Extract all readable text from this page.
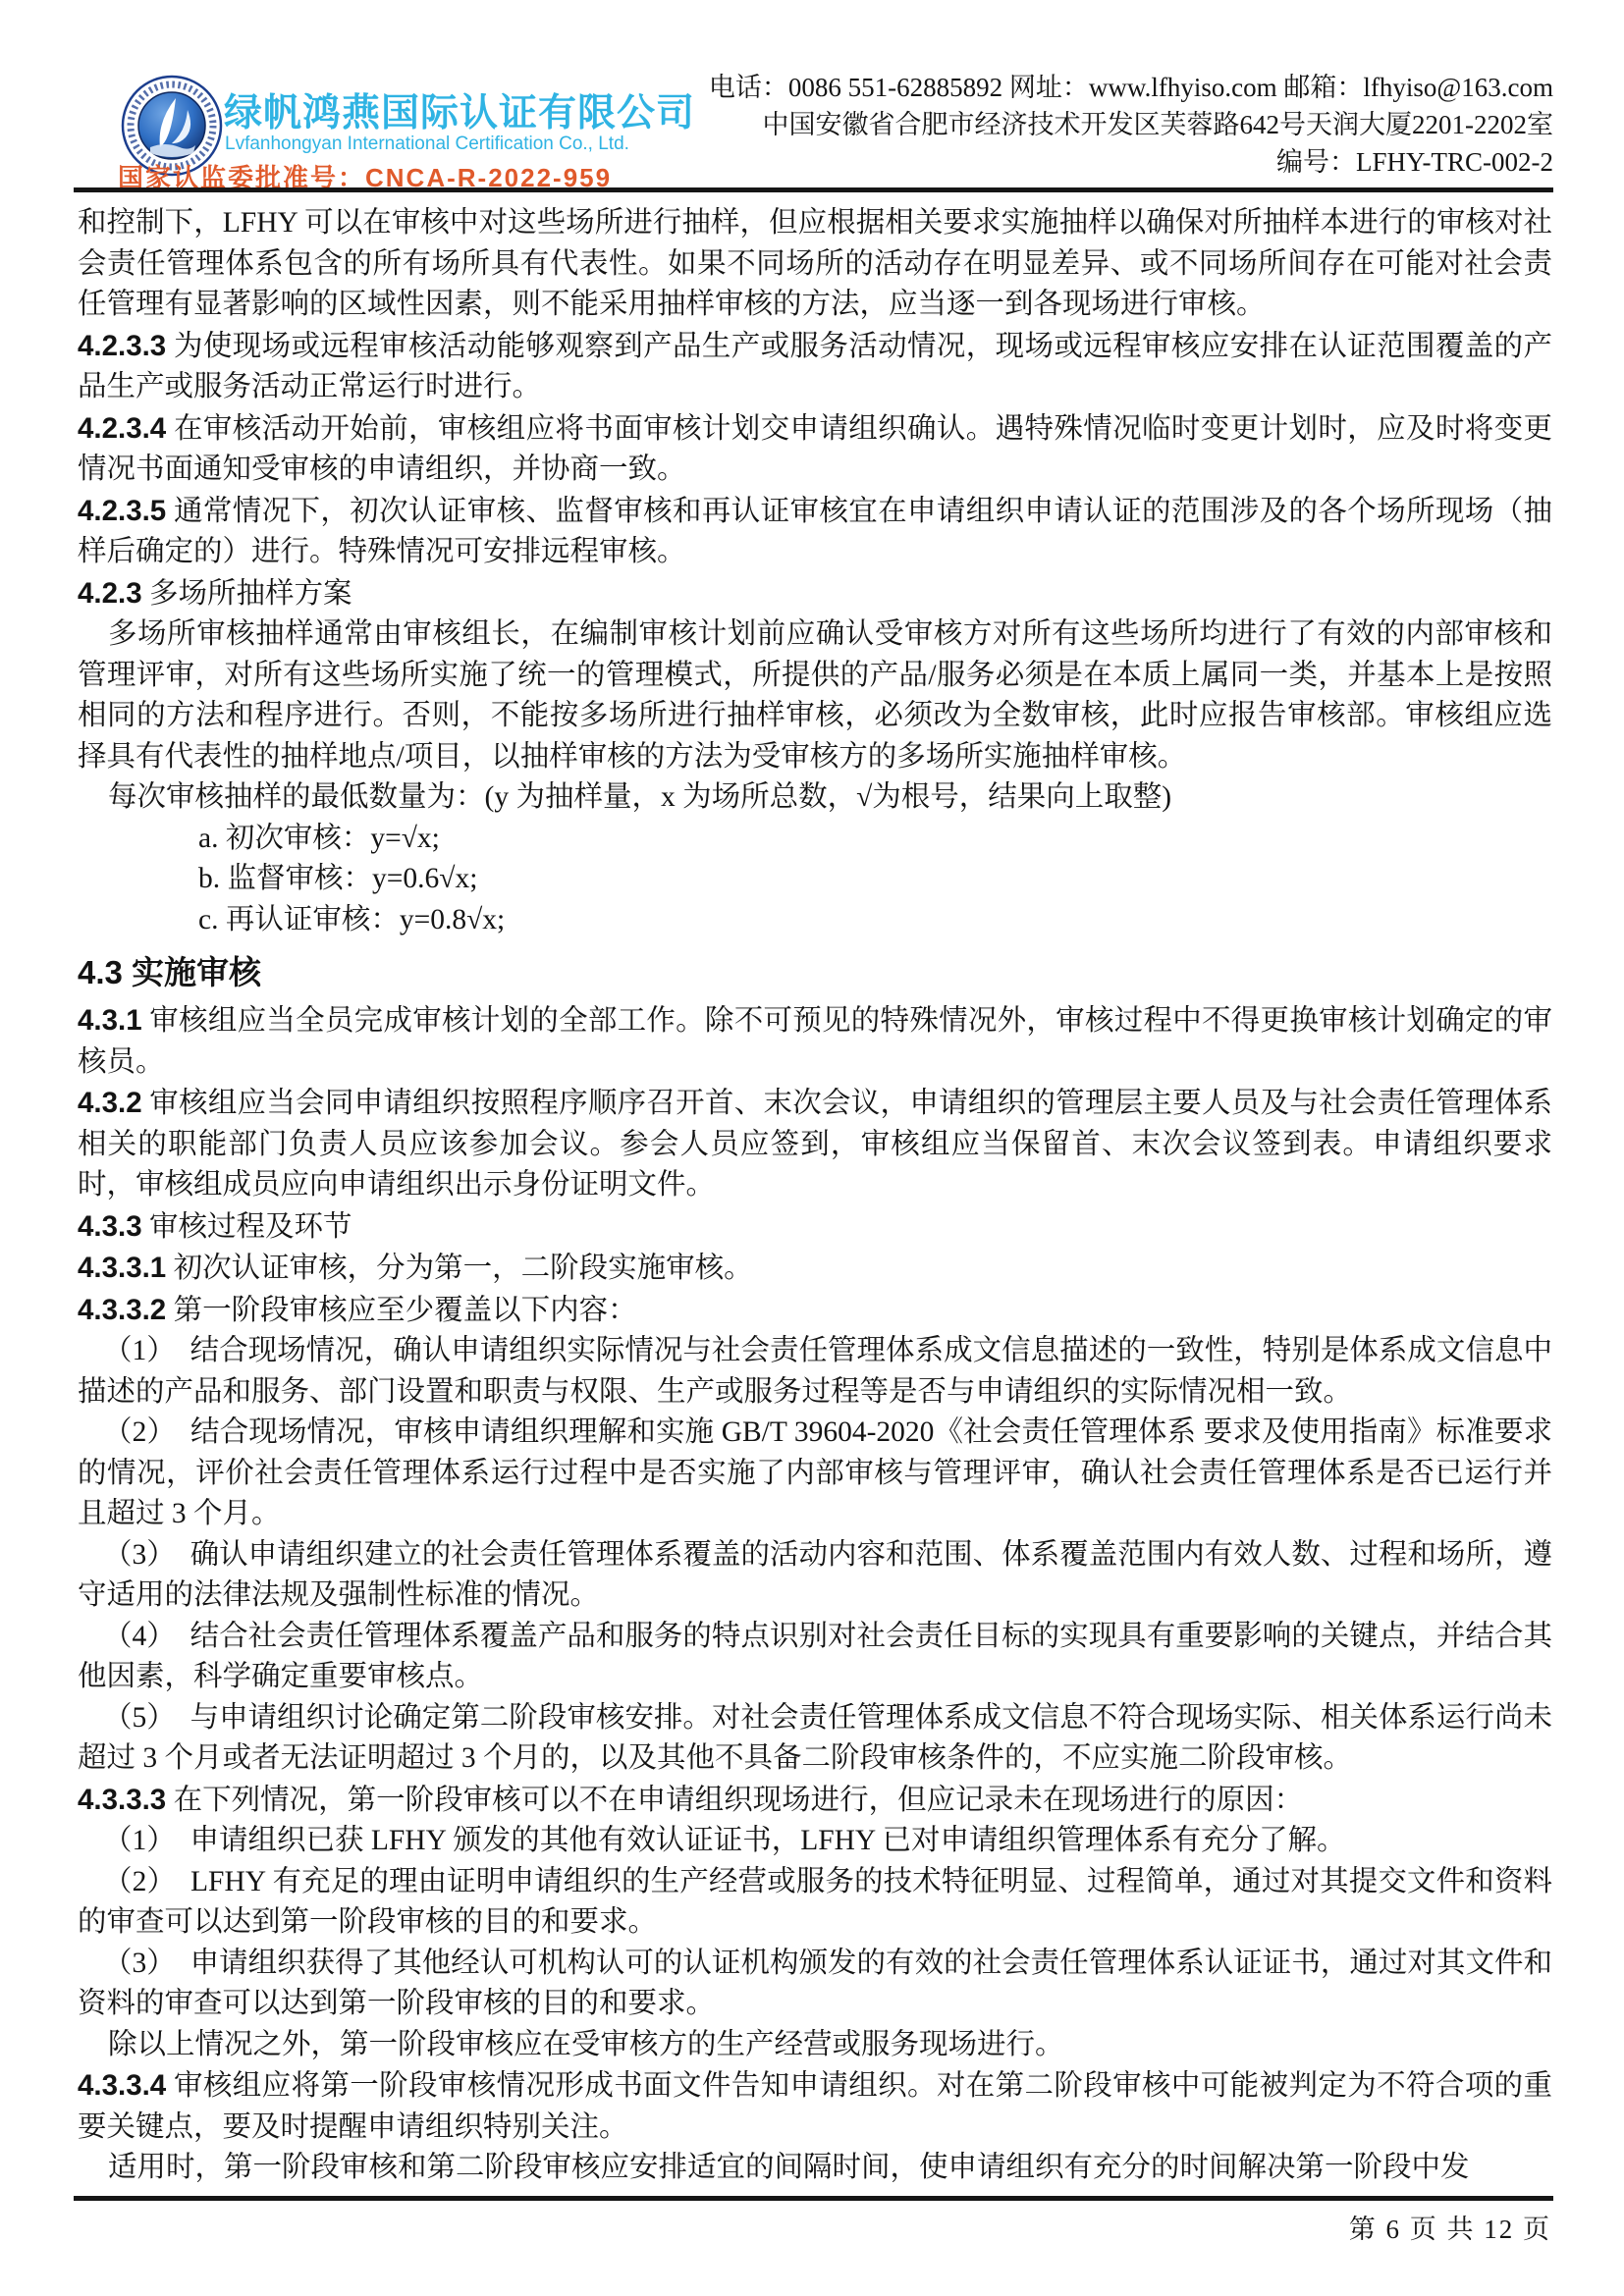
绿帆鸿燕国际认证有限公司
Lvfanhongyan International Certification Co., Ltd.
国家认监委批准号：CNCA-R-2022-959
电话：0086 551-62885892 网址：www.lfhyiso.com 邮箱：lfhyiso@163.com
中国安徽省合肥市经济技术开发区芙蓉路642号天润大厦2201-2202室
编号：LFHY-TRC-002-2
和控制下，LFHY 可以在审核中对这些场所进行抽样，但应根据相关要求实施抽样以确保对所抽样本进行的审核对社会责任管理体系包含的所有场所具有代表性。如果不同场所的活动存在明显差异、或不同场所间存在可能对社会责任管理有显著影响的区域性因素，则不能采用抽样审核的方法，应当逐一到各现场进行审核。
4.2.3.3 为使现场或远程审核活动能够观察到产品生产或服务活动情况，现场或远程审核应安排在认证范围覆盖的产品生产或服务活动正常运行时进行。
4.2.3.4 在审核活动开始前，审核组应将书面审核计划交申请组织确认。遇特殊情况临时变更计划时，应及时将变更情况书面通知受审核的申请组织，并协商一致。
4.2.3.5 通常情况下，初次认证审核、监督审核和再认证审核宜在申请组织申请认证的范围涉及的各个场所现场（抽样后确定的）进行。特殊情况可安排远程审核。
4.2.3 多场所抽样方案
多场所审核抽样通常由审核组长，在编制审核计划前应确认受审核方对所有这些场所均进行了有效的内部审核和管理评审，对所有这些场所实施了统一的管理模式，所提供的产品/服务必须是在本质上属同一类，并基本上是按照相同的方法和程序进行。否则，不能按多场所进行抽样审核，必须改为全数审核，此时应报告审核部。审核组应选择具有代表性的抽样地点/项目，以抽样审核的方法为受审核方的多场所实施抽样审核。
每次审核抽样的最低数量为：(y 为抽样量，x 为场所总数，√为根号，结果向上取整)
a. 初次审核：y=√x;
b. 监督审核：y=0.6√x;
c. 再认证审核：y=0.8√x;
4.3 实施审核
4.3.1 审核组应当全员完成审核计划的全部工作。除不可预见的特殊情况外，审核过程中不得更换审核计划确定的审核员。
4.3.2 审核组应当会同申请组织按照程序顺序召开首、末次会议，申请组织的管理层主要人员及与社会责任管理体系相关的职能部门负责人员应该参加会议。参会人员应签到，审核组应当保留首、末次会议签到表。申请组织要求时，审核组成员应向申请组织出示身份证明文件。
4.3.3 审核过程及环节
4.3.3.1 初次认证审核，分为第一，二阶段实施审核。
4.3.3.2 第一阶段审核应至少覆盖以下内容：
（1）　结合现场情况，确认申请组织实际情况与社会责任管理体系成文信息描述的一致性，特别是体系成文信息中描述的产品和服务、部门设置和职责与权限、生产或服务过程等是否与申请组织的实际情况相一致。
（2）　结合现场情况，审核申请组织理解和实施 GB/T 39604-2020《社会责任管理体系 要求及使用指南》标准要求的情况，评价社会责任管理体系运行过程中是否实施了内部审核与管理评审，确认社会责任管理体系是否已运行并且超过 3 个月。
（3）　确认申请组织建立的社会责任管理体系覆盖的活动内容和范围、体系覆盖范围内有效人数、过程和场所，遵守适用的法律法规及强制性标准的情况。
（4）　结合社会责任管理体系覆盖产品和服务的特点识别对社会责任目标的实现具有重要影响的关键点，并结合其他因素，科学确定重要审核点。
（5）　与申请组织讨论确定第二阶段审核安排。对社会责任管理体系成文信息不符合现场实际、相关体系运行尚未超过 3 个月或者无法证明超过 3 个月的，以及其他不具备二阶段审核条件的，不应实施二阶段审核。
4.3.3.3 在下列情况，第一阶段审核可以不在申请组织现场进行，但应记录未在现场进行的原因：
（1）　申请组织已获 LFHY 颁发的其他有效认证证书，LFHY 已对申请组织管理体系有充分了解。
（2）　LFHY 有充足的理由证明申请组织的生产经营或服务的技术特征明显、过程简单，通过对其提交文件和资料的审查可以达到第一阶段审核的目的和要求。
（3）　申请组织获得了其他经认可机构认可的认证机构颁发的有效的社会责任管理体系认证证书，通过对其文件和资料的审查可以达到第一阶段审核的目的和要求。
除以上情况之外，第一阶段审核应在受审核方的生产经营或服务现场进行。
4.3.3.4 审核组应将第一阶段审核情况形成书面文件告知申请组织。对在第二阶段审核中可能被判定为不符合项的重要关键点，要及时提醒申请组织特别关注。
适用时，第一阶段审核和第二阶段审核应安排适宜的间隔时间，使申请组织有充分的时间解决第一阶段中发
第 6 页 共 12 页
